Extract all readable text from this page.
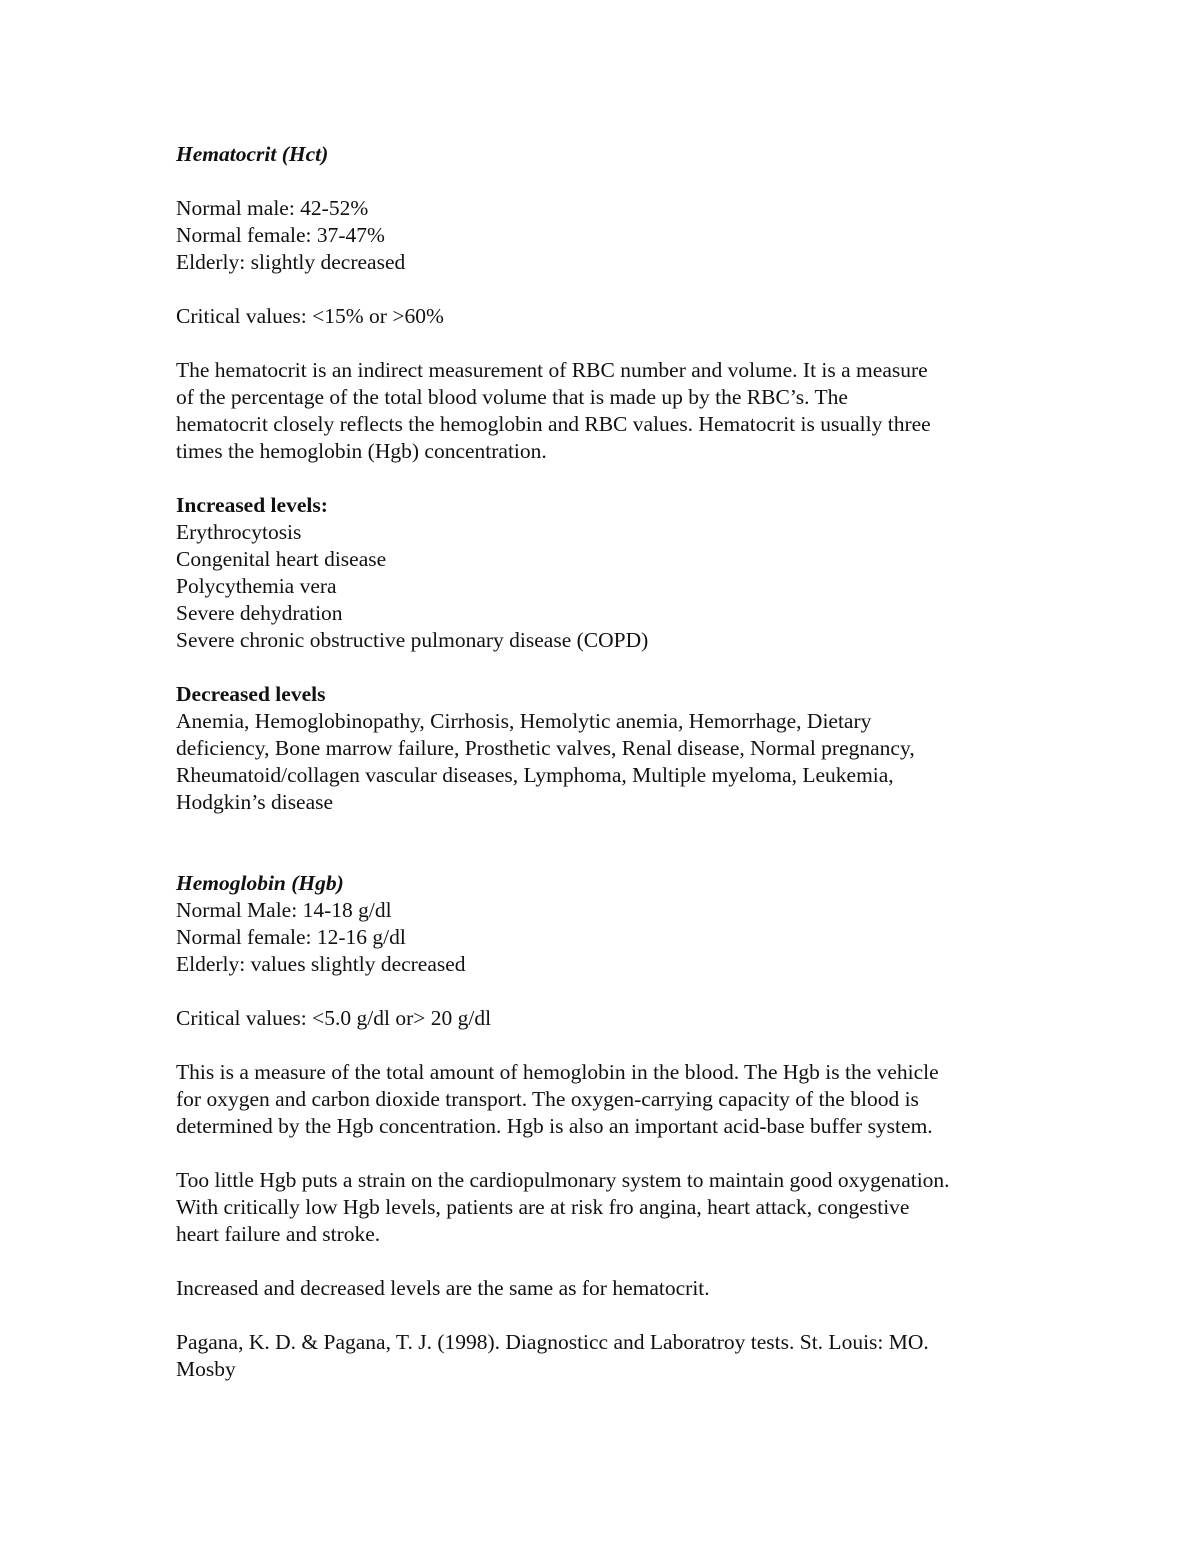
Hematocrit (Hct)
Normal male: 42-52%
Normal female: 37-47%
Elderly: slightly decreased
Critical values: <15% or >60%
The hematocrit is an indirect measurement of RBC number and volume. It is a measure
of the percentage of the total blood volume that is made up by the RBC’s. The
hematocrit closely reflects the hemoglobin and RBC values. Hematocrit is usually three
times the hemoglobin (Hgb) concentration.
Increased levels:
Erythrocytosis
Congenital heart disease
Polycythemia vera
Severe dehydration
Severe chronic obstructive pulmonary disease (COPD)
Decreased levels
Anemia, Hemoglobinopathy, Cirrhosis, Hemolytic anemia, Hemorrhage, Dietary
deficiency, Bone marrow failure, Prosthetic valves, Renal disease, Normal pregnancy,
Rheumatoid/collagen vascular diseases, Lymphoma, Multiple myeloma, Leukemia,
Hodgkin’s disease
Hemoglobin (Hgb)
Normal Male: 14-18 g/dl
Normal female: 12-16 g/dl
Elderly: values slightly decreased
Critical values: <5.0 g/dl or> 20 g/dl
This is a measure of the total amount of hemoglobin in the blood. The Hgb is the vehicle
for oxygen and carbon dioxide transport. The oxygen-carrying capacity of the blood is
determined by the Hgb concentration. Hgb is also an important acid-base buffer system.
Too little Hgb puts a strain on the cardiopulmonary system to maintain good oxygenation.
With critically low Hgb levels, patients are at risk fro angina, heart attack, congestive
heart failure and stroke.
Increased and decreased levels are the same as for hematocrit.
Pagana, K. D. & Pagana, T. J. (1998). Diagnosticc and Laboratroy tests. St. Louis: MO.
Mosby
